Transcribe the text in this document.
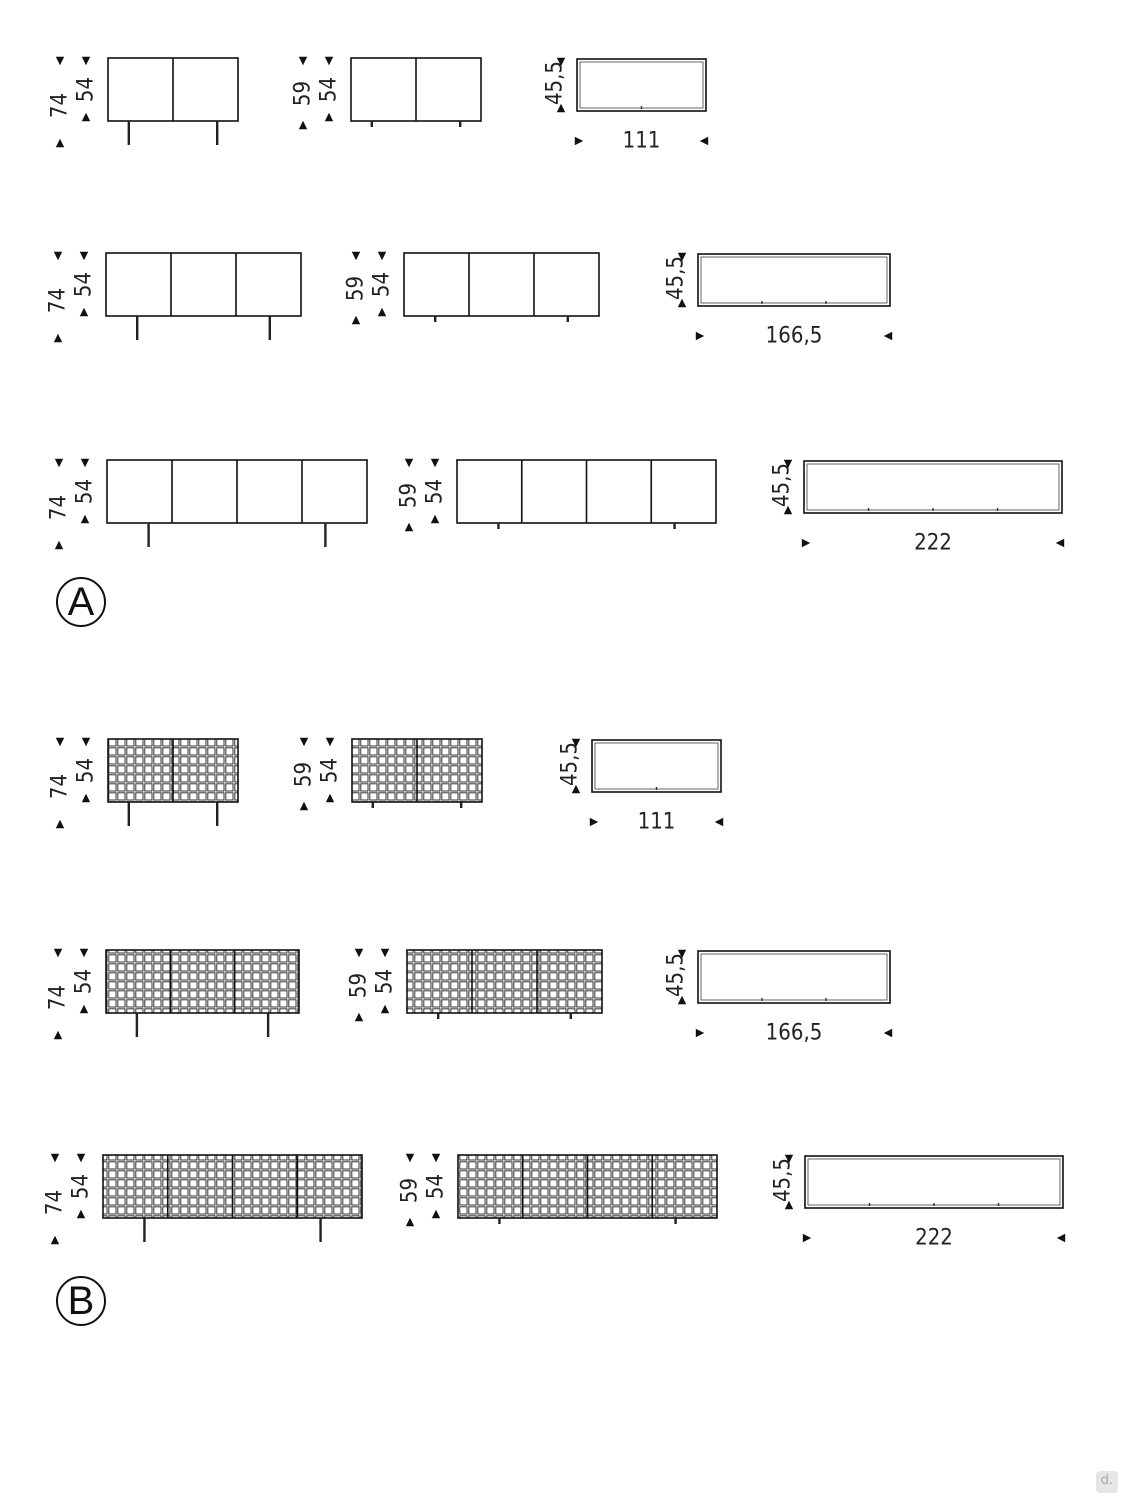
74
54	59 54	45,5
111
74
54	59 54	45,5
166,5
74
54	59 54	45,5
222
74
54	59 54	45,5
111
74
54	59 54	45,5
166,5
74
54	59 54	45,5
222
A
B
d.
